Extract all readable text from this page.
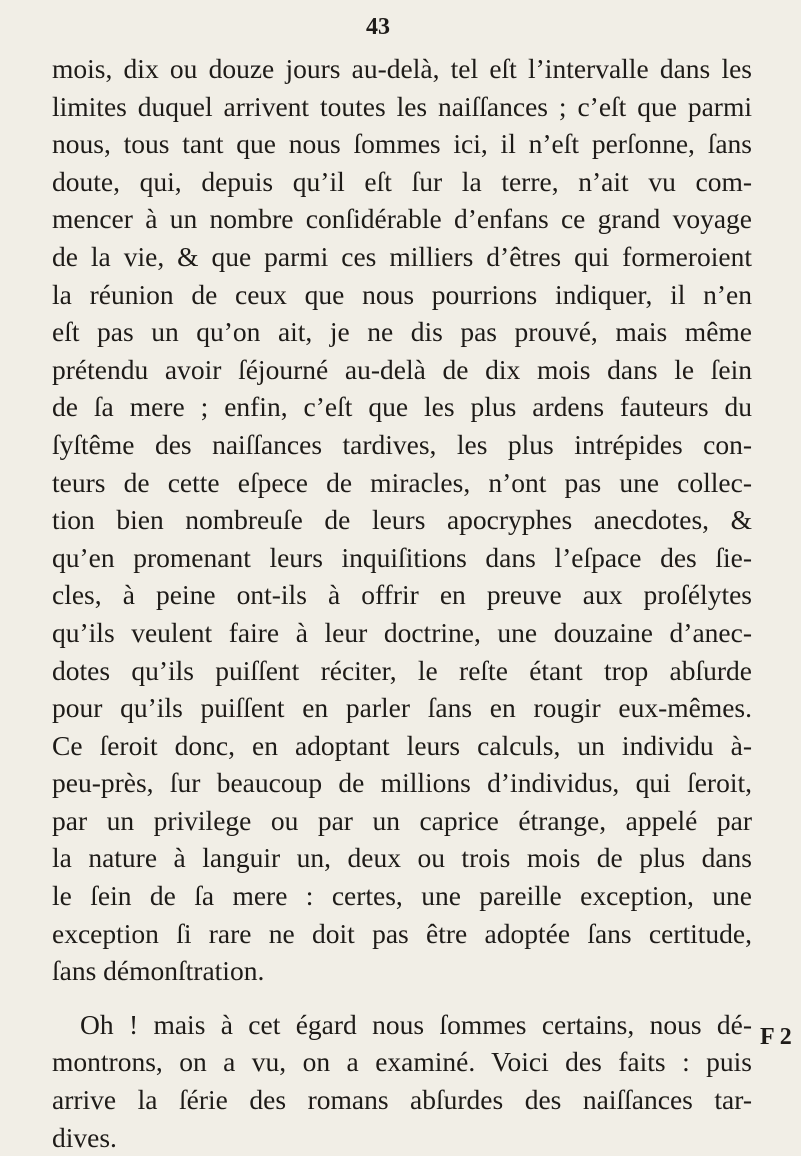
43
mois, dix ou douze jours au-delà, tel eſt l’intervalle dans les
limites duquel arrivent toutes les naiſſances ; c’eſt que parmi
nous, tous tant que nous ſommes ici, il n’eſt perſonne, ſans
doute, qui, depuis qu’il eſt ſur la terre, n’ait vu com-
mencer à un nombre conſidérable d’enfans ce grand voyage
de la vie, & que parmi ces milliers d’êtres qui formeroient
la réunion de ceux que nous pourrions indiquer, il n’en
eſt pas un qu’on ait, je ne dis pas prouvé, mais même
prétendu avoir ſéjourné au-delà de dix mois dans le ſein
de ſa mere ; enfin, c’eſt que les plus ardens fauteurs du
ſyſtême des naiſſances tardives, les plus intrépides con-
teurs de cette eſpece de miracles, n’ont pas une collec-
tion bien nombreuſe de leurs apocryphes anecdotes, &
qu’en promenant leurs inquiſitions dans l’eſpace des ſie-
cles, à peine ont-ils à offrir en preuve aux proſélytes
qu’ils veulent faire à leur doctrine, une douzaine d’anec-
dotes qu’ils puiſſent réciter, le reſte étant trop abſurde
pour qu’ils puiſſent en parler ſans en rougir eux-mêmes.
Ce ſeroit donc, en adoptant leurs calculs, un individu à-
peu-près, ſur beaucoup de millions d’individus, qui ſeroit,
par un privilege ou par un caprice étrange, appelé par
la nature à languir un, deux ou trois mois de plus dans
le ſein de ſa mere : certes, une pareille exception, une
exception ſi rare ne doit pas être adoptée ſans certitude,
ſans démonſtration.
Oh ! mais à cet égard nous ſommes certains, nous dé-
montrons, on a vu, on a examiné. Voici des faits : puis
arrive la ſérie des romans abſurdes des naiſſances tar-
dives.
F 2
